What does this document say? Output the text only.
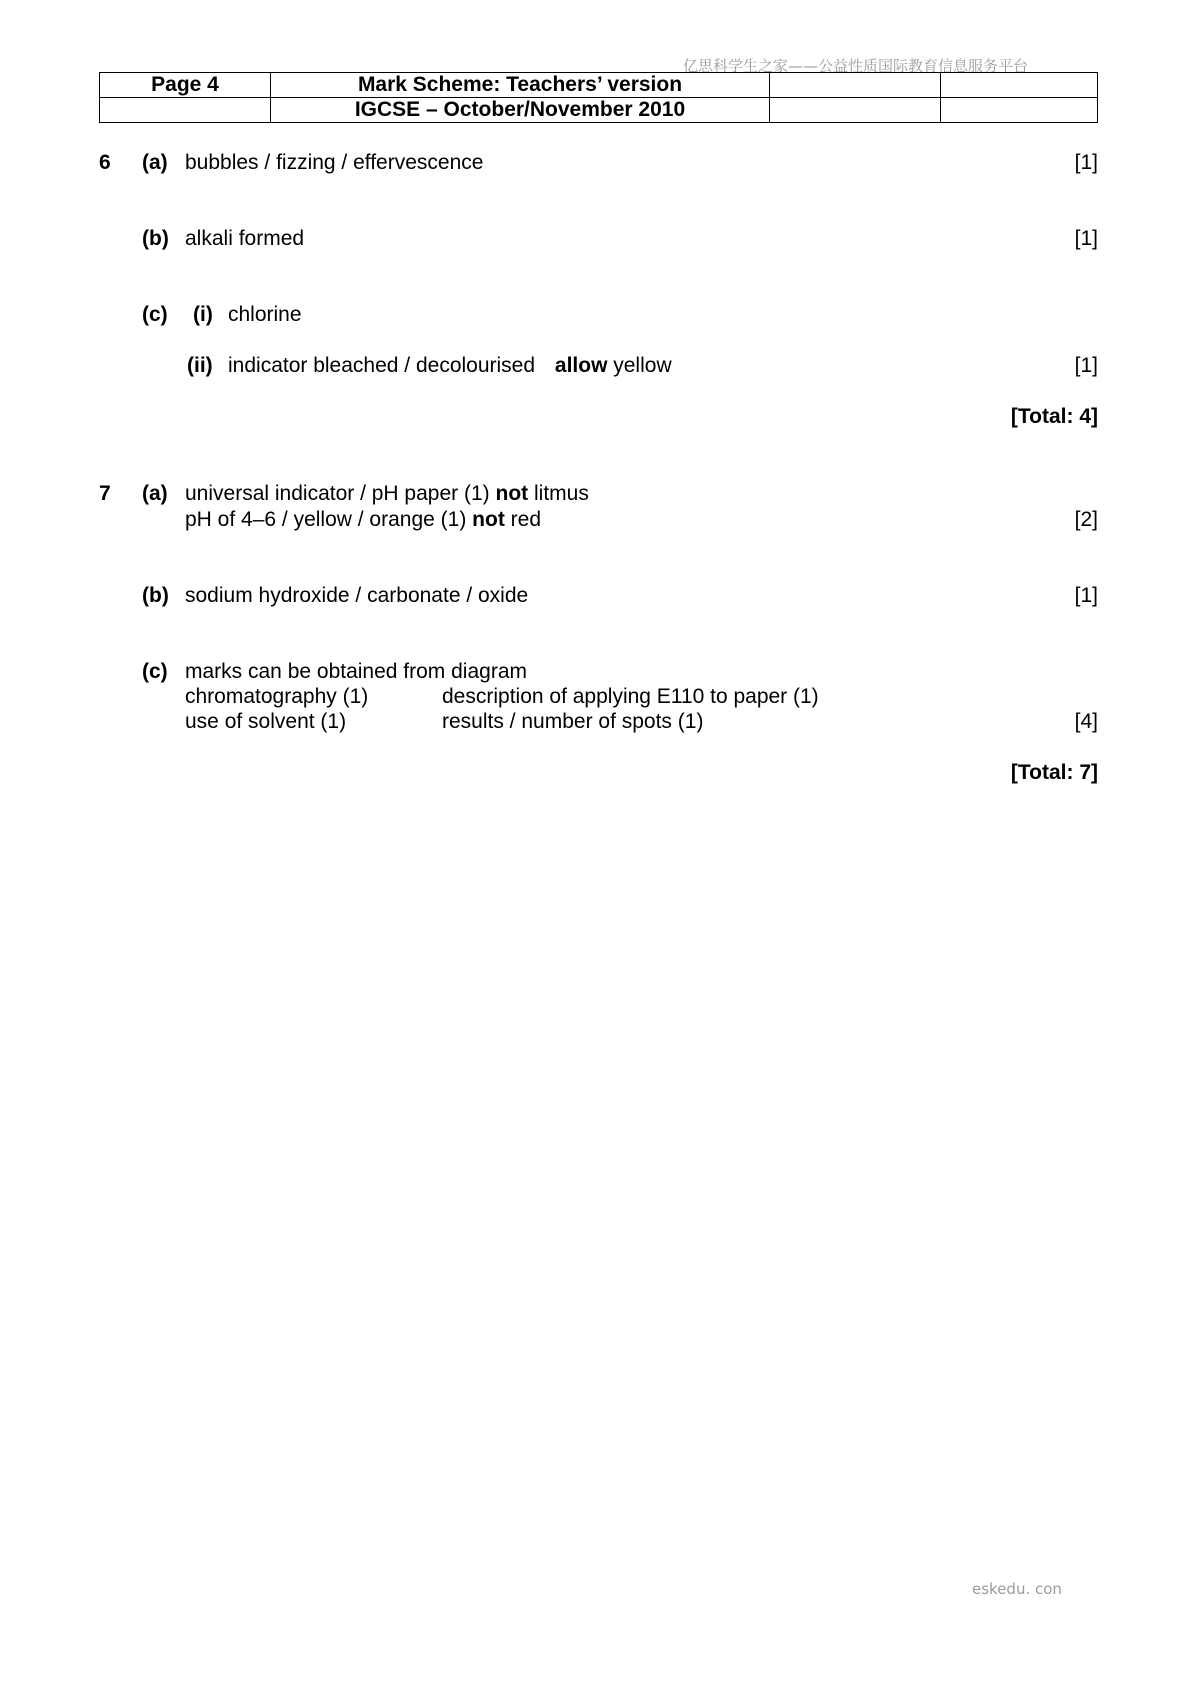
亿思科学生之家——公益性质国际教育信息服务平台
Page 4	Mark Scheme: Teachers’ version		
	IGCSE – October/November 2010		
6 (a) bubbles / fizzing / effervescence	[1]
(b) alkali formed	[1]
(c) (i) chlorine
(ii) indicator bleached / decolourised allow yellow	[1]
[Total: 4]
7 (a) universal indicator / pH paper (1) not litmus
pH of 4–6 / yellow / orange (1) not red	[2]
(b) sodium hydroxide / carbonate / oxide	[1]
(c) marks can be obtained from diagram
chromatography (1)	description of applying E110 to paper (1)
use of solvent (1)	results / number of spots (1)	[4]
[Total: 7]
eskedu. con
